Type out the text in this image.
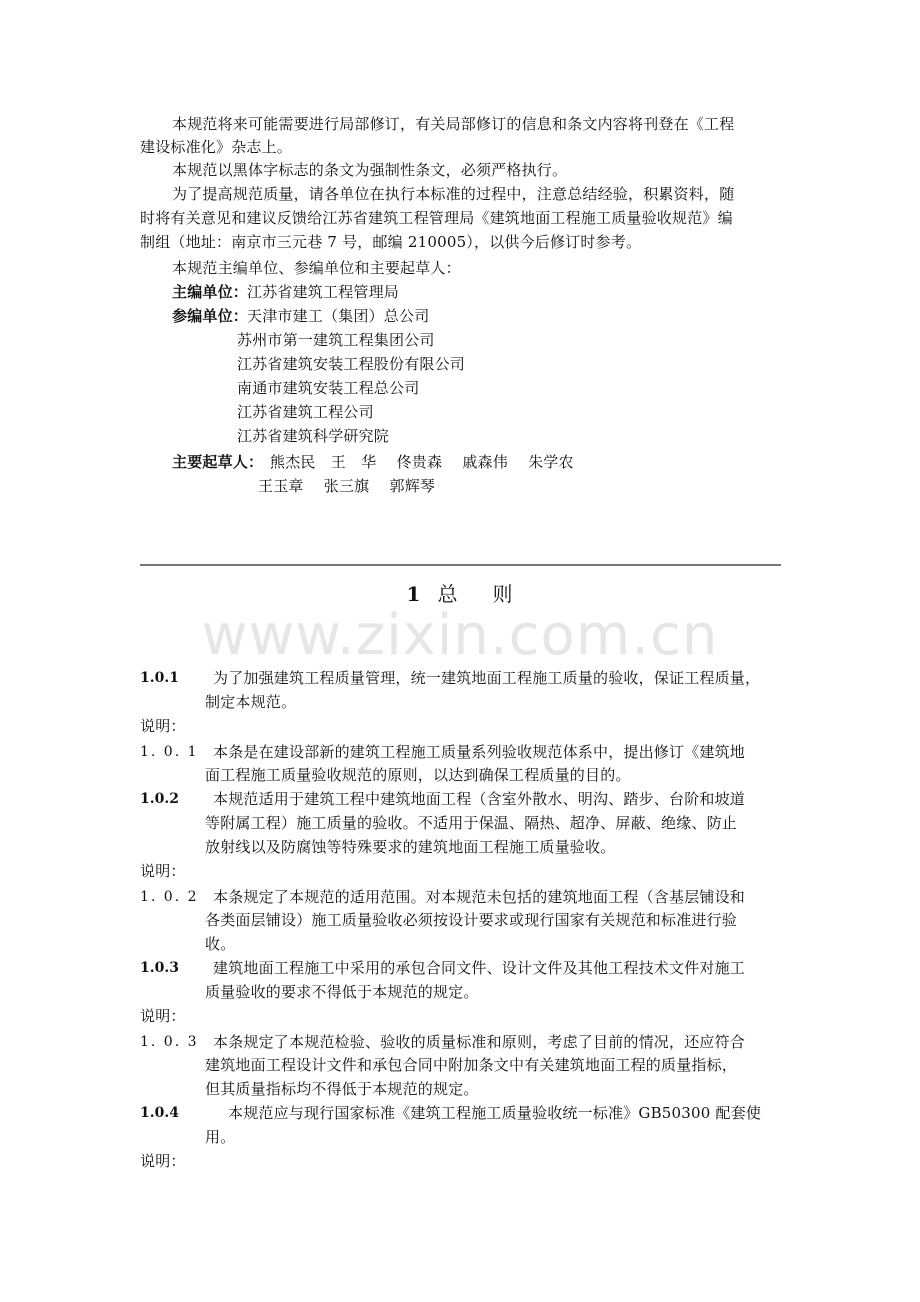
本规范将来可能需要进行局部修订，有关局部修订的信息和条文内容将刊登在《工程
建设标准化》杂志上。
本规范以黑体字标志的条文为强制性条文，必须严格执行。
为了提高规范质量，请各单位在执行本标准的过程中，注意总结经验，积累资料，随
时将有关意见和建议反馈给江苏省建筑工程管理局《建筑地面工程施工质量验收规范》编
制组（地址：南京市三元巷 7 号，邮编 210005），以供今后修订时参考。
本规范主编单位、参编单位和主要起草人：
主编单位：
江苏省建筑工程管理局
参编单位：
天津市建工（集团）总公司
苏州市第一建筑工程集团公司
江苏省建筑安装工程股份有限公司
南通市建筑安装工程总公司
江苏省建筑工程公司
江苏省建筑科学研究院
主要起草人： 熊杰民　王　华　 佟贵森　 戚森伟　 朱学农
王玉章　 张三旗　 郭辉琴
1 总 则
www.zixin.com.cn
1.0.1 为了加强建筑工程质量管理，统一建筑地面工程施工质量的验收，保证工程质量，
制定本规范。
说明：
1. 0. 1 本条是在建设部新的建筑工程施工质量系列验收规范体系中，提出修订《建筑地
面工程施工质量验收规范的原则，以达到确保工程质量的目的。
1.0.2 本规范适用于建筑工程中建筑地面工程（含室外散水、明沟、踏步、台阶和坡道
等附属工程）施工质量的验收。不适用于保温、隔热、超净、屏蔽、绝缘、防止
放射线以及防腐蚀等特殊要求的建筑地面工程施工质量验收。
说明：
1. 0. 2 本条规定了本规范的适用范围。对本规范未包括的建筑地面工程（含基层铺设和
各类面层铺设）施工质量验收必须按设计要求或现行国家有关规范和标准进行验
收。
1.0.3 建筑地面工程施工中采用的承包合同文件、设计文件及其他工程技术文件对施工
质量验收的要求不得低于本规范的规定。
说明：
1. 0. 3 本条规定了本规范检验、验收的质量标准和原则，考虑了目前的情况，还应符合
建筑地面工程设计文件和承包合同中附加条文中有关建筑地面工程的质量指标，
但其质量指标均不得低于本规范的规定。
1.0.4	本规范应与现行国家标准《建筑工程施工质量验收统一标准》GB50300 配套使
用。
说明：
